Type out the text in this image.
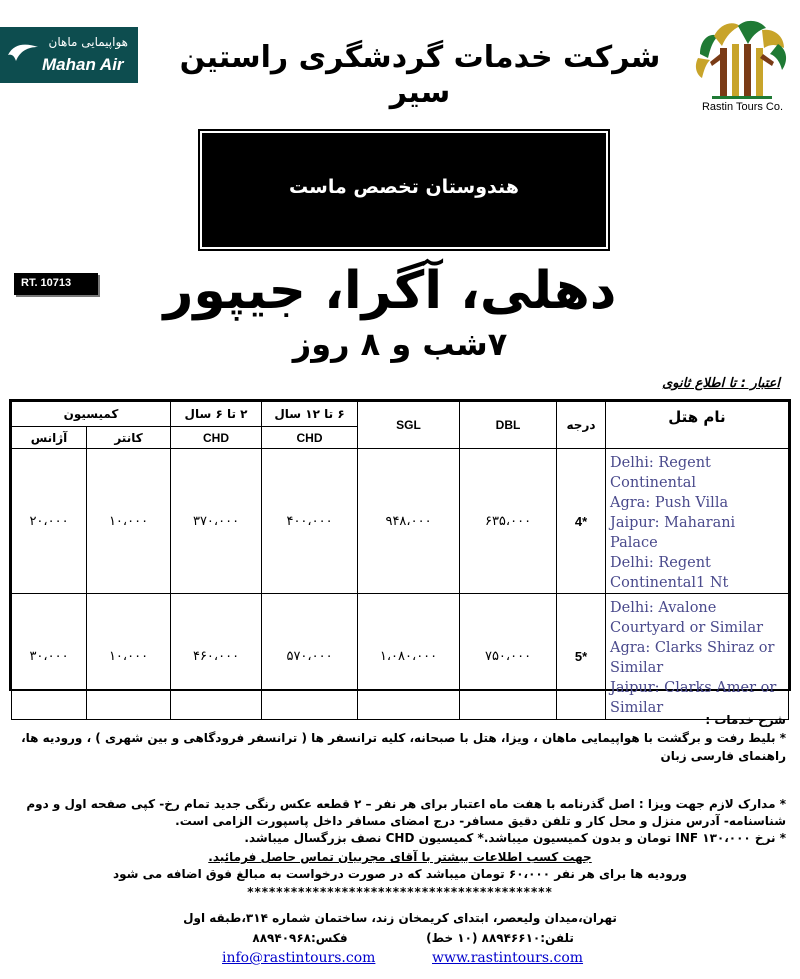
هواپیمایی ماهان
Mahan Air	شرکت خدمات گردشگری راستین سیر	Rastin Tours Co.
هندوستان تخصص ماست
RT. 10713	دهلی، آگرا، جیپور
۷شب و ۸ روز
اعتبار : تا اطلاع ثانوی
کمیسیون		۲ تا ۶ سال	۶ تا ۱۲ سال	SGL	DBL	درجه	نام هتل
آژانس	کانتر	CHD	CHD				
۲۰،۰۰۰	۱۰،۰۰۰	۳۷۰،۰۰۰	۴۰۰،۰۰۰	۹۴۸،۰۰۰	۶۳۵،۰۰۰	4*	Delhi: Regent Continental
Agra: Push Villa
Jaipur: Maharani Palace
Delhi: Regent Continental1 Nt

۳۰،۰۰۰	۱۰،۰۰۰	۴۶۰،۰۰۰	۵۷۰،۰۰۰	۱،۰۸۰،۰۰۰	۷۵۰،۰۰۰	5*	Delhi: Avalone Courtyard or Similar
Agra: Clarks Shiraz or Similar
Jaipur: Clarks Amer or Similar
شرح خدمات :
* بلیط رفت و برگشت با هواپیمایی ماهان ، ویزا، هتل با صبحانه، کلیه ترانسفر ها ( ترانسفر فرودگاهی و بین شهری ) ، ورودیه ها،
راهنمای فارسی زبان
* مدارک لازم جهت ویزا : اصل گذرنامه با هفت ماه اعتبار برای هر نفر – ۲ قطعه عکس رنگی جدید تمام رخ- کپی صفحه اول و دوم
شناسنامه- آدرس منزل و محل کار و تلفن دقیق مسافر- درج امضای مسافر داخل پاسپورت الزامی است.
* نرخ INF ۱۳۰،۰۰۰ تومان و بدون کمیسیون میباشد.* کمیسیون CHD نصف بزرگسال میباشد.
جهت کسب اطلاعات بیشتر با آقای مجربیان تماس حاصل فرمائید.
ورودیه ها برای هر نفر ۶۰،۰۰۰ تومان میباشد که در صورت درخواست به مبالغ فوق اضافه می شود
******************************************
تهران،میدان ولیعصر، ابتدای کریمخان زند، ساختمان شماره ۳۱۴،طبقه اول
تلفن:۸۸۹۴۶۶۱۰ (۱۰ خط)
فکس:۸۸۹۴۰۹۶۸
info@rastintours.com	www.rastintours.com
